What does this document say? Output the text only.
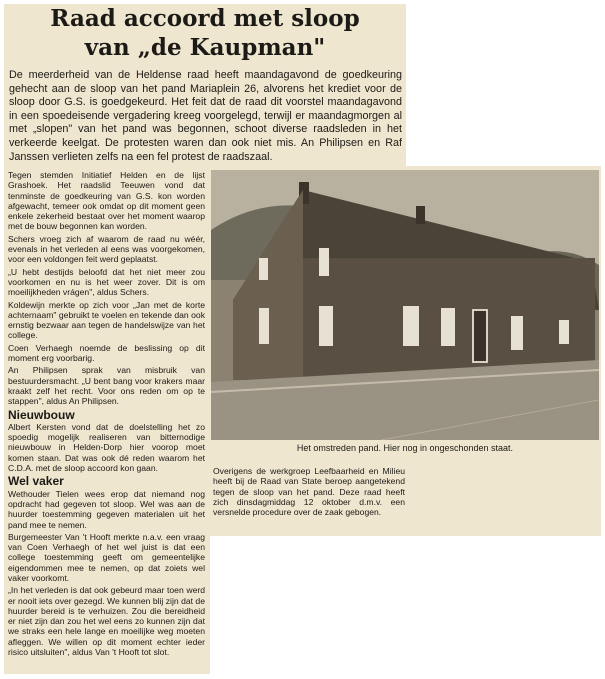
Raad accoord met sloop
van „de Kaupman"

De meerderheid van de Heldense raad heeft maandagavond de goedkeuring gehecht aan de sloop van het pand Mariaplein 26, alvorens het krediet voor de sloop door G.S. is goedgekeurd. Het feit dat de raad dit voorstel maandagavond in een spoedeisende vergadering kreeg voorgelegd, terwijl er maandagmorgen al met „slopen" van het pand was begonnen, schoot diverse raadsleden in het verkeerde keelgat. De protesten waren dan ook niet mis. An Philipsen en Raf Janssen verlieten zelfs na een fel protest de raadszaal.

Tegen stemden Initiatief Helden en de lijst Grashoek. Het raadslid Teeuwen vond dat tenminste de goedkeuring van G.S. kon worden afgewacht, temeer ook omdat op dit moment geen enkele zekerheid bestaat over het moment waarop met de bouw begonnen kan worden.

Schers vroeg zich af waarom de raad nu wéér, evenals in het verleden al eens was voorgekomen, voor een voldongen feit werd geplaatst.

„U hebt destijds beloofd dat het niet meer zou voorkomen en nu is het weer zover. Dit is om moeilijkheden vrágen", aldus Schers.

Koldewijn merkte op zich voor „Jan met de korte achternaam" gebruikt te voelen en tekende dan ook ernstig bezwaar aan tegen de handelswijze van het college.

Coen Verhaegh noemde de beslissing op dit moment erg voorbarig.

An Philipsen sprak van misbruik van bestuurdersmacht. „U bent bang voor krakers maar kraakt zelf het recht. Voor ons reden om op te stappen", aldus An Philipsen.

Nieuwbouw

Albert Kersten vond dat de doelstelling het zo spoedig mogelijk realiseren van bitternodige nieuwbouw in Helden-Dorp hier voorop moet komen staan. Dat was ook dé reden waarom het C.D.A. met de sloop accoord kon gaan.

Wel vaker

Wethouder Tielen wees erop dat niemand nog opdracht had gegeven tot sloop. Wel was aan de huurder toestemming gegeven materialen uit het pand mee te nemen.

Burgemeester Van 't Hooft merkte n.a.v. een vraag van Coen Verhaegh of het wel juist is dat een college toestemming geeft om gemeentelijke eigendommen mee te nemen, op dat zoiets wel vaker voorkomt.

„In het verleden is dat ook gebeurd maar toen werd er nooit iets over gezegd. We kunnen blij zijn dat de huurder bereid is te verhuizen. Zou die bereidheid er niet zijn dan zou het wel eens zo kunnen zijn dat we straks een hele lange en moeilijke weg moeten afleggen. We willen op dit moment echter ieder risico uitsluiten", aldus Van 't Hooft tot slot.

Het omstreden pand. Hier nog in ongeschonden staat.

Overigens de werkgroep Leefbaarheid en Milieu heeft bij de Raad van State beroep aangetekend tegen de sloop van het pand. Deze raad heeft zich dinsdagmiddag 12 oktober d.m.v. een versnelde procedure over de zaak gebogen.
